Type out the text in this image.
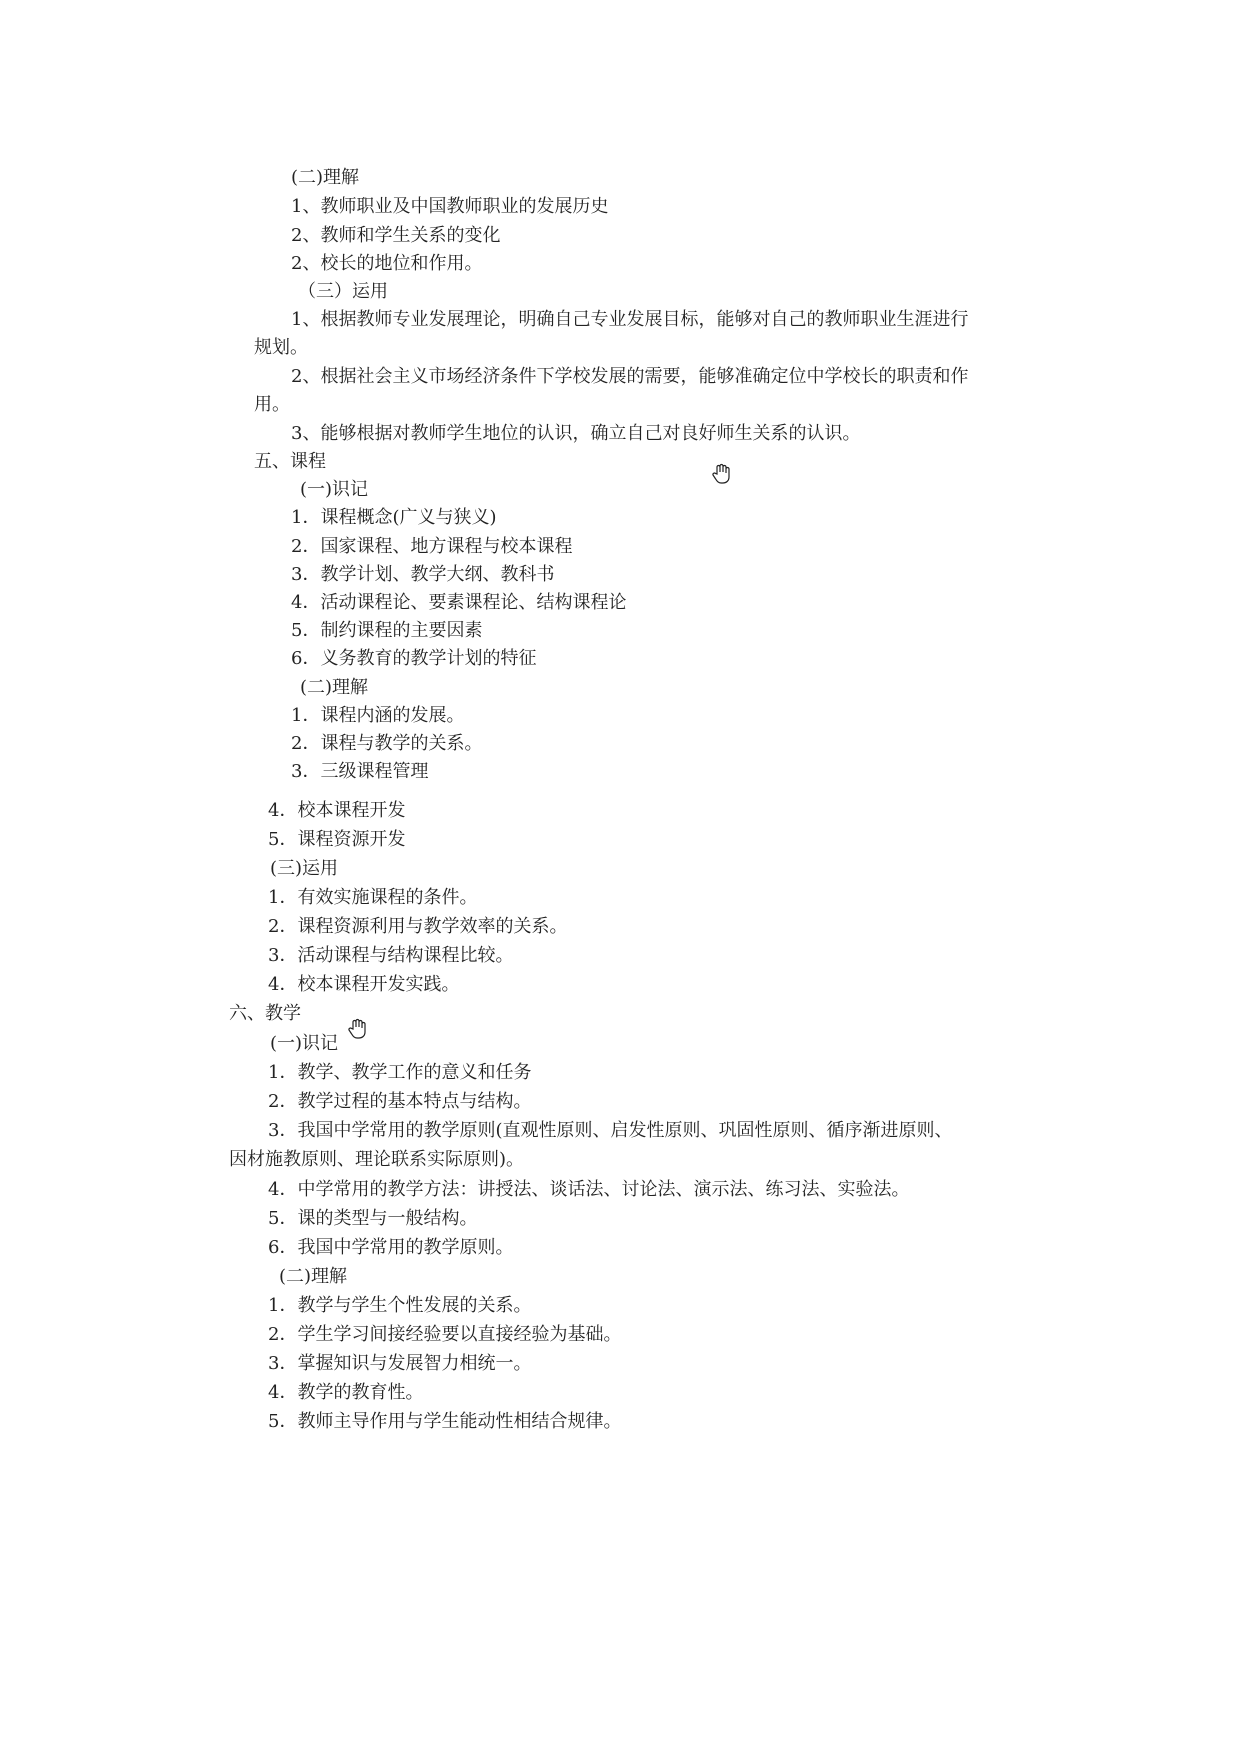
(二)理解
1、教师职业及中国教师职业的发展历史
2、教师和学生关系的变化
2、校长的地位和作用。
（三）运用
1、根据教师专业发展理论，明确自己专业发展目标，能够对自己的教师职业生涯进行
规划。
2、根据社会主义市场经济条件下学校发展的需要，能够准确定位中学校长的职责和作
用。
3、能够根据对教师学生地位的认识，确立自己对良好师生关系的认识。
五、课程
(一)识记
1．课程概念(广义与狭义)
2．国家课程、地方课程与校本课程
3．教学计划、教学大纲、教科书
4．活动课程论、要素课程论、结构课程论
5．制约课程的主要因素
6．义务教育的教学计划的特征
(二)理解
1．课程内涵的发展。
2．课程与教学的关系。
3．三级课程管理
4．校本课程开发
5．课程资源开发
(三)运用
1．有效实施课程的条件。
2．课程资源利用与教学效率的关系。
3．活动课程与结构课程比较。
4．校本课程开发实践。
六、教学
(一)识记
1．教学、教学工作的意义和任务
2．教学过程的基本特点与结构。
3．我国中学常用的教学原则(直观性原则、启发性原则、巩固性原则、循序渐进原则、
因材施教原则、理论联系实际原则)。
4．中学常用的教学方法：讲授法、谈话法、讨论法、演示法、练习法、实验法。
5．课的类型与一般结构。
6．我国中学常用的教学原则。
(二)理解
1．教学与学生个性发展的关系。
2．学生学习间接经验要以直接经验为基础。
3．掌握知识与发展智力相统一。
4．教学的教育性。
5．教师主导作用与学生能动性相结合规律。
